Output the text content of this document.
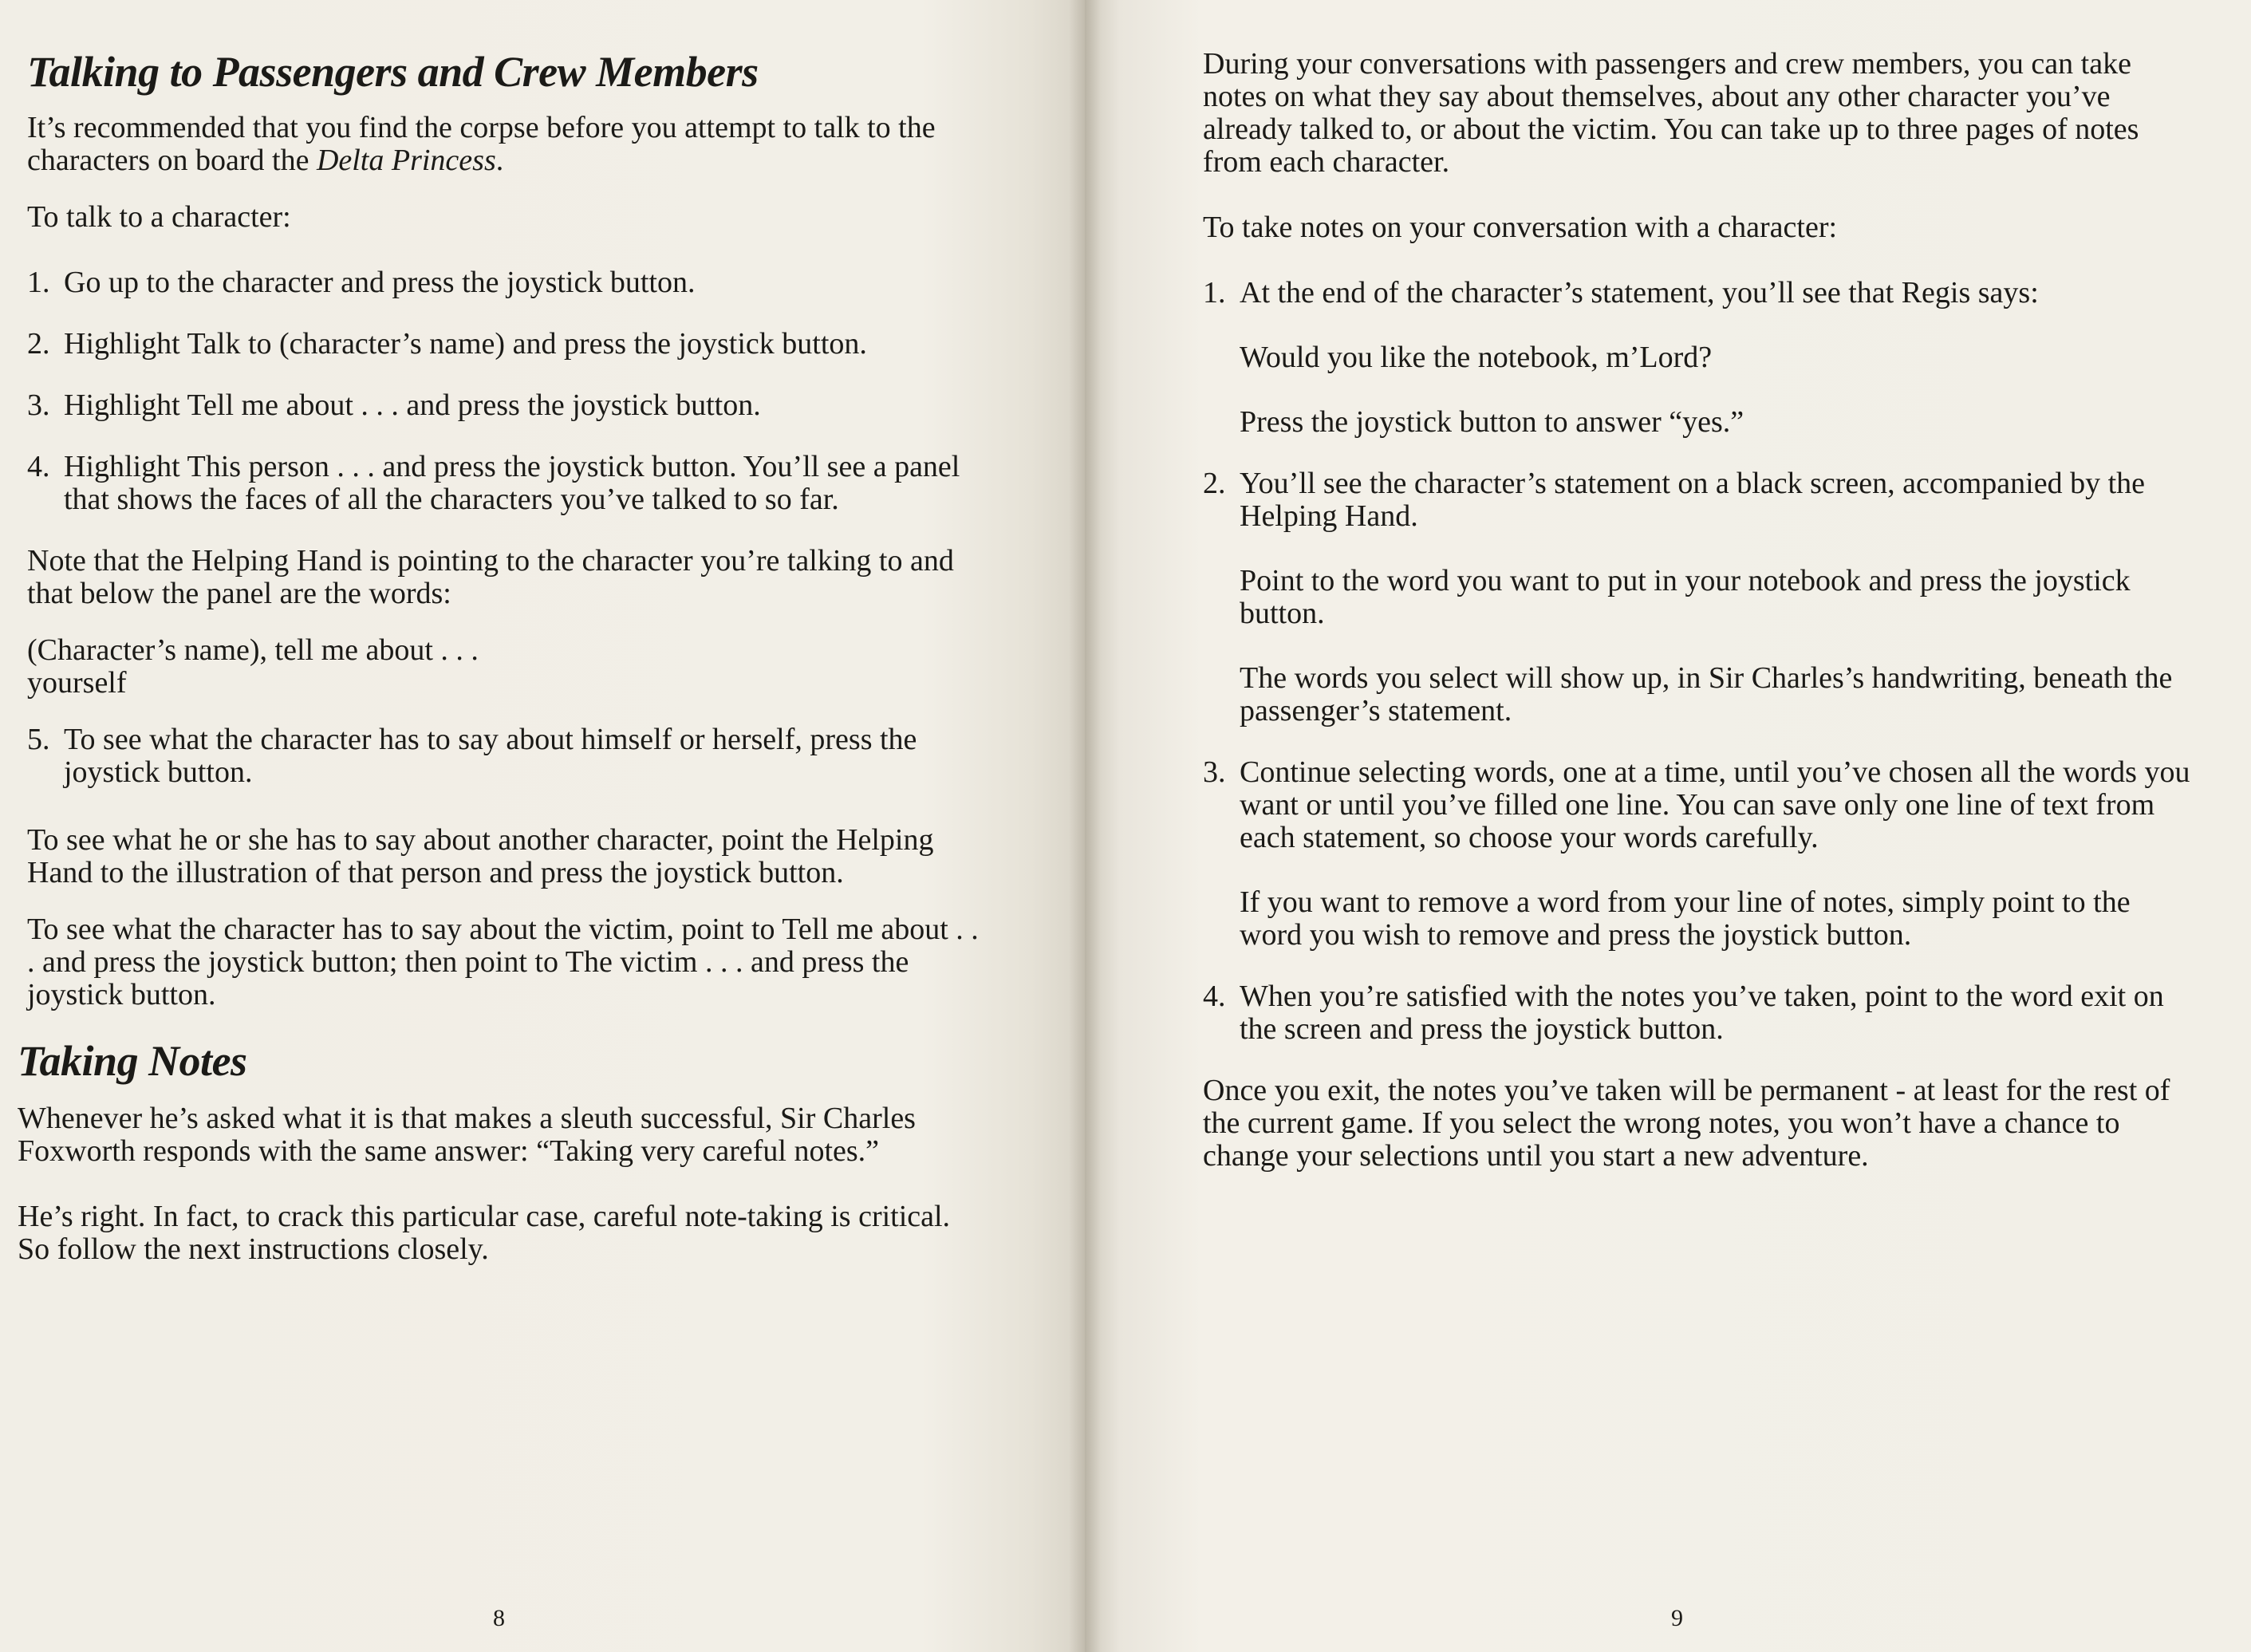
Talking to Passengers and Crew Members

It’s recommended that you find the corpse before you attempt to talk to the characters on board the Delta Princess.

To talk to a character:

1. Go up to the character and press the joystick button.
2. Highlight Talk to (character’s name) and press the joystick button.
3. Highlight Tell me about . . . and press the joystick button.
4. Highlight This person . . . and press the joystick button. You’ll see a panel that shows the faces of all the characters you’ve talked to so far.

Note that the Helping Hand is pointing to the character you’re talking to and that below the panel are the words:

(Character’s name), tell me about . . .
yourself

5. To see what the character has to say about himself or herself, press the joystick button.

To see what he or she has to say about another character, point the Helping Hand to the illustration of that person and press the joystick button.

To see what the character has to say about the victim, point to Tell me about . . . and press the joystick button; then point to The victim . . . and press the joystick button.

Taking Notes

Whenever he’s asked what it is that makes a sleuth successful, Sir Charles Foxworth responds with the same answer: “Taking very careful notes.”

He’s right. In fact, to crack this particular case, careful note-taking is critical. So follow the next instructions closely.

8

During your conversations with passengers and crew members, you can take notes on what they say about themselves, about any other character you’ve already talked to, or about the victim. You can take up to three pages of notes from each character.

To take notes on your conversation with a character:

1. At the end of the character’s statement, you’ll see that Regis says:

Would you like the notebook, m’Lord?

Press the joystick button to answer “yes.”

2. You’ll see the character’s statement on a black screen, accompanied by the Helping Hand.

Point to the word you want to put in your notebook and press the joystick button.

The words you select will show up, in Sir Charles’s handwriting, beneath the passenger’s statement.

3. Continue selecting words, one at a time, until you’ve chosen all the words you want or until you’ve filled one line. You can save only one line of text from each statement, so choose your words carefully.

If you want to remove a word from your line of notes, simply point to the word you wish to remove and press the joystick button.

4. When you’re satisfied with the notes you’ve taken, point to the word exit on the screen and press the joystick button.

Once you exit, the notes you’ve taken will be permanent - at least for the rest of the current game. If you select the wrong notes, you won’t have a chance to change your selections until you start a new adventure.

9
